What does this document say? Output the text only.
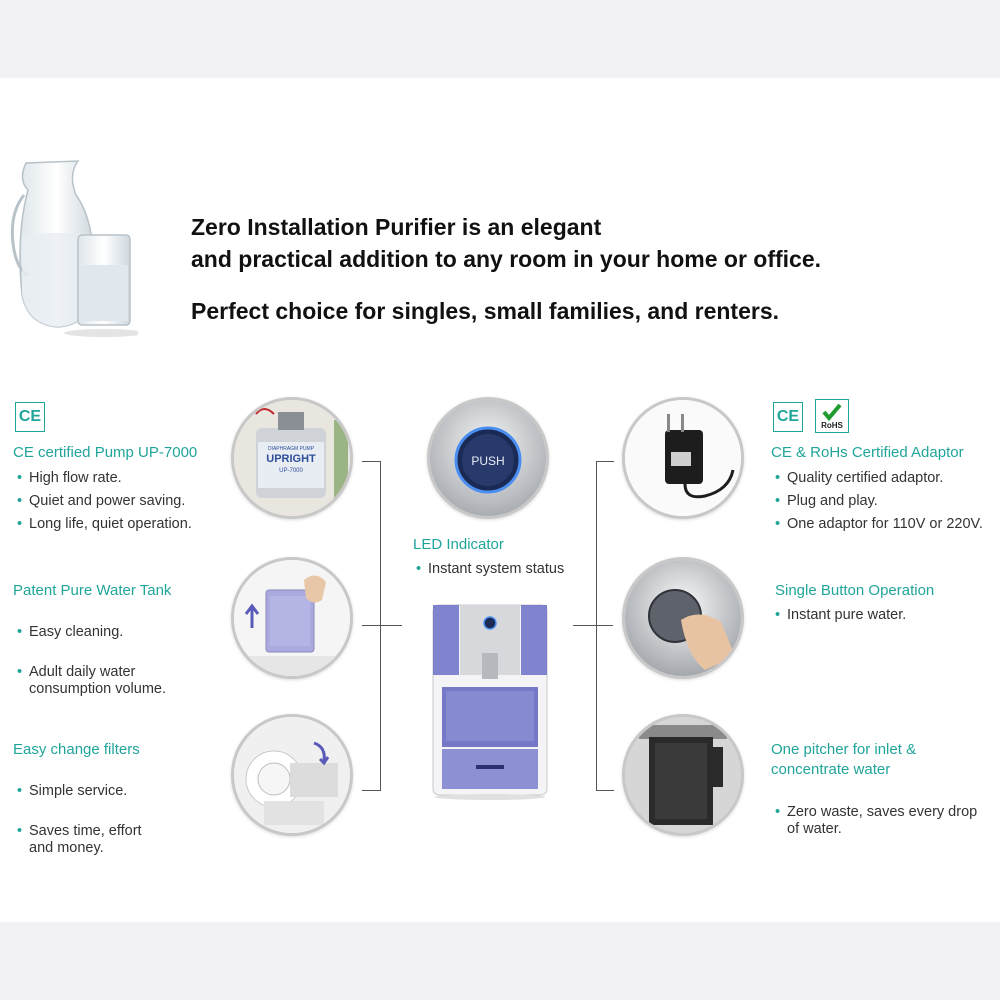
Zero Installation Purifier is an elegant

and practical addition to any room in your home or office.

Perfect choice for singles, small families, and renters.

CE
CE certified Pump UP-7000
• High flow rate.
• Quiet and power saving.
• Long life, quiet operation.
Patent Pure Water Tank

• Easy cleaning.

• Adult daily water
consumption volume.

Easy change filters

• Simple service.

• Saves time, effort
and money.

DIAPHRAGM PUMP
UPRIGHT
UP-7000
PUSH
LED Indicator
• Instant system status
CE
RoHS
CE & RoHs Certified Adaptor
• Quality certified adaptor.
• Plug and play.
• One adaptor for 110V or 220V.
Single Button Operation
• Instant pure water.
One pitcher for inlet &
concentrate water

• Zero waste, saves every drop
of water.
